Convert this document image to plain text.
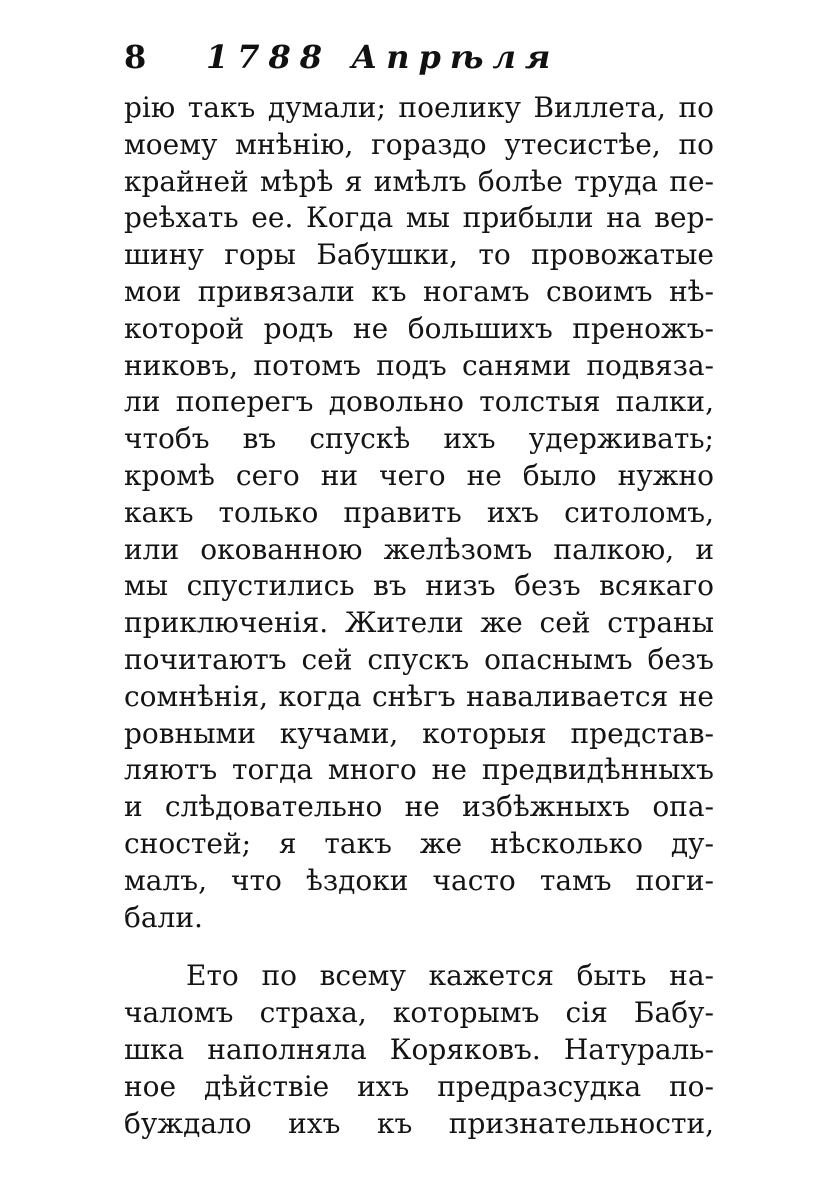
8 1788 Апрѣля
рію такъ думали; поелику Виллета, по
моему мнѣнію, гораздо утесистѣе, по
крайней мѣрѣ я имѣлъ болѣе труда пе-
реѣхать ее. Когда мы прибыли на вер-
шину горы Бабушки, то провожатые
мои привязали къ ногамъ своимъ нѣ-
которой родъ не большихъ преножъ-
никовъ, потомъ подъ санями подвяза-
ли поперегъ довольно толстыя палки,
чтобъ въ спускѣ ихъ удерживать;
кромѣ сего ни чего не было нужно
какъ только править ихъ ситоломъ,
или окованною желѣзомъ палкою, и
мы спустились въ низъ безъ всякаго
приключенія. Жители же сей страны
почитаютъ сей спускъ опаснымъ безъ
сомнѣнія, когда снѣгъ наваливается не
ровными кучами, которыя предстaв-
ляютъ тогда много не предвидѣнныхъ
и слѣдовательно не избѣжныхъ опа-
сностей; я такъ же нѣсколько ду-
малъ, что ѣздоки часто тамъ поги-
бали.
Ето по всему кажется быть на-
чаломъ страха, которымъ сія Бабу-
шка наполняла Коряковъ. Натураль-
ное дѣйствіе ихъ предразсудка по-
буждало ихъ къ признательности,
